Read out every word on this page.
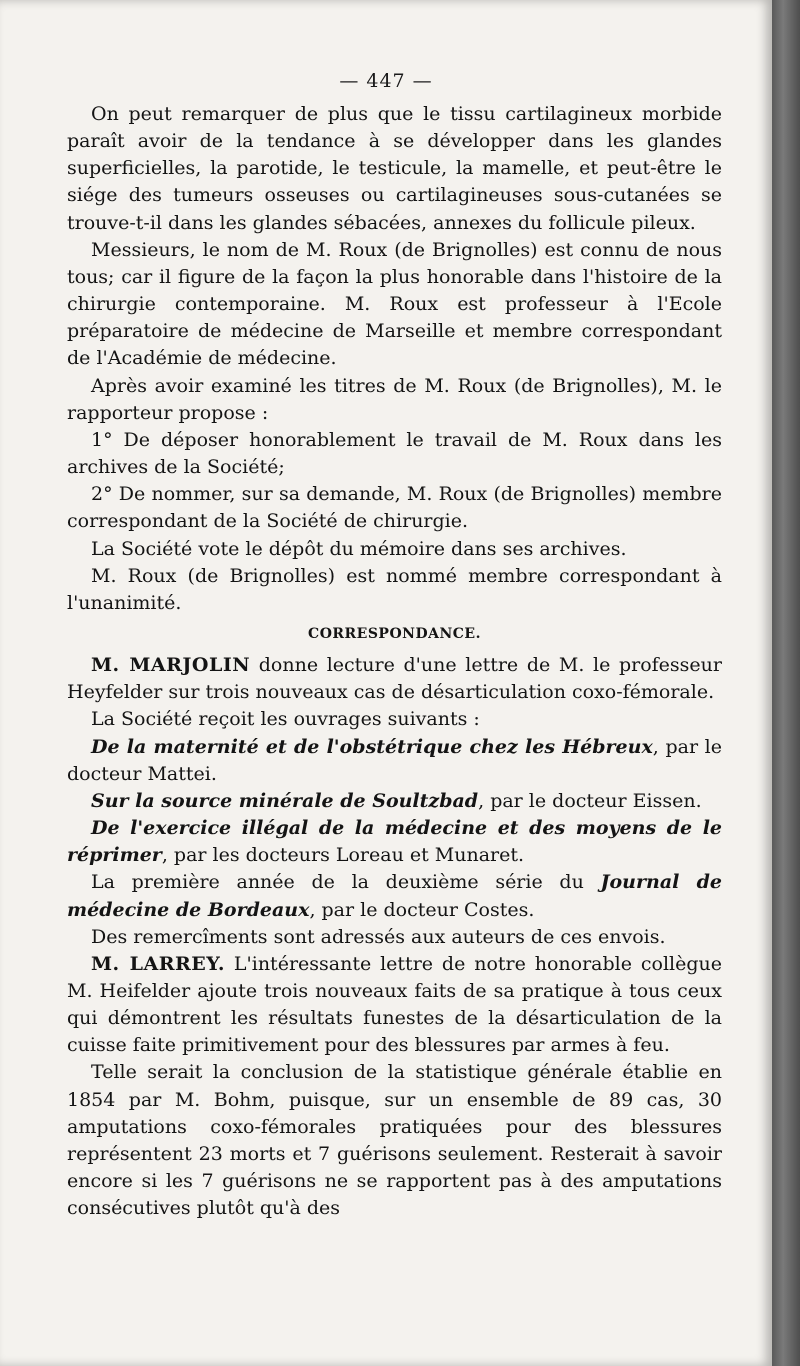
— 447 —

On peut remarquer de plus que le tissu cartilagineux morbide paraît avoir de la tendance à se développer dans les glandes superficielles, la parotide, le testicule, la mamelle, et peut-être le siége des tumeurs osseuses ou cartilagineuses sous-cutanées se trouve-t-il dans les glandes sébacées, annexes du follicule pileux.

Messieurs, le nom de M. Roux (de Brignolles) est connu de nous tous; car il figure de la façon la plus honorable dans l'histoire de la chirurgie contemporaine. M. Roux est professeur à l'Ecole préparatoire de médecine de Marseille et membre correspondant de l'Académie de médecine.

Après avoir examiné les titres de M. Roux (de Brignolles), M. le rapporteur propose :

1° De déposer honorablement le travail de M. Roux dans les archives de la Société;

2° De nommer, sur sa demande, M. Roux (de Brignolles) membre correspondant de la Société de chirurgie.

La Société vote le dépôt du mémoire dans ses archives.

M. Roux (de Brignolles) est nommé membre correspondant à l'unanimité.

CORRESPONDANCE.

M. MARJOLIN donne lecture d'une lettre de M. le professeur Heyfelder sur trois nouveaux cas de désarticulation coxo-fémorale.

La Société reçoit les ouvrages suivants :

De la maternité et de l'obstétrique chez les Hébreux, par le docteur Mattei.

Sur la source minérale de Soultzbad, par le docteur Eissen.

De l'exercice illégal de la médecine et des moyens de le réprimer, par les docteurs Loreau et Munaret.

La première année de la deuxième série du Journal de médecine de Bordeaux, par le docteur Costes.

Des remercîments sont adressés aux auteurs de ces envois.

M. LARREY. L'intéressante lettre de notre honorable collègue M. Heifelder ajoute trois nouveaux faits de sa pratique à tous ceux qui démontrent les résultats funestes de la désarticulation de la cuisse faite primitivement pour des blessures par armes à feu.

Telle serait la conclusion de la statistique générale établie en 1854 par M. Bohm, puisque, sur un ensemble de 89 cas, 30 amputations coxo-fémorales pratiquées pour des blessures représentent 23 morts et 7 guérisons seulement. Resterait à savoir encore si les 7 guérisons ne se rapportent pas à des amputations consécutives plutôt qu'à des
